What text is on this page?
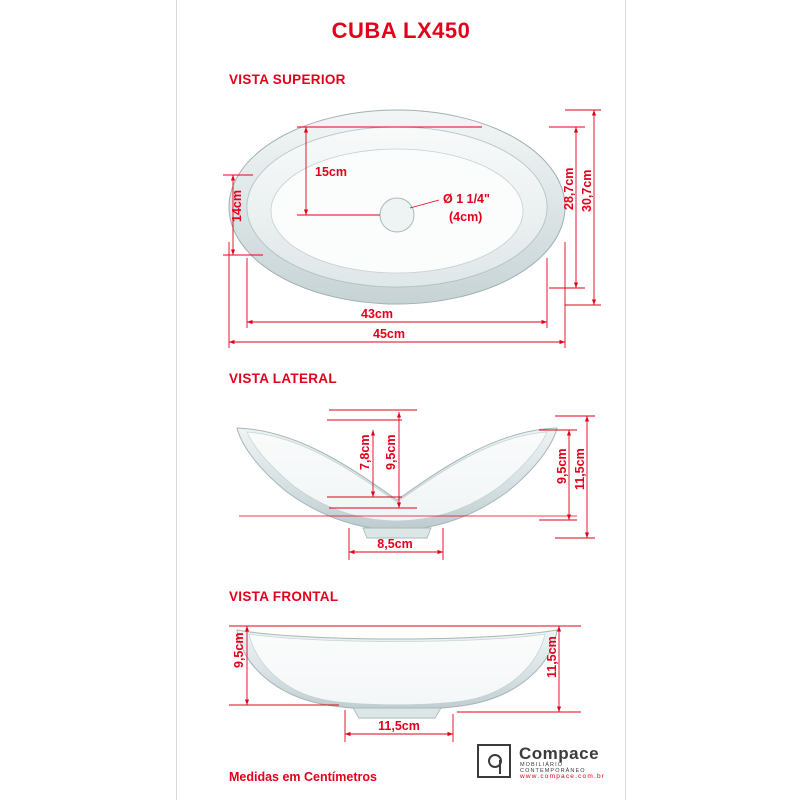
CUBA LX450
VISTA SUPERIOR
VISTA LATERAL
VISTA FRONTAL
Medidas em Centímetros
15cm
14cm	Ø 1 1/4"
(4cm)
28,7cm 30,7cm
43cm
45cm
7,8cm 9,5cm	9,5cm 11,5cm
8,5cm
9,5cm	11,5cm
11,5cm
Compace
MOBILIÁRIO CONTEMPORÂNEO
www.compace.com.br
